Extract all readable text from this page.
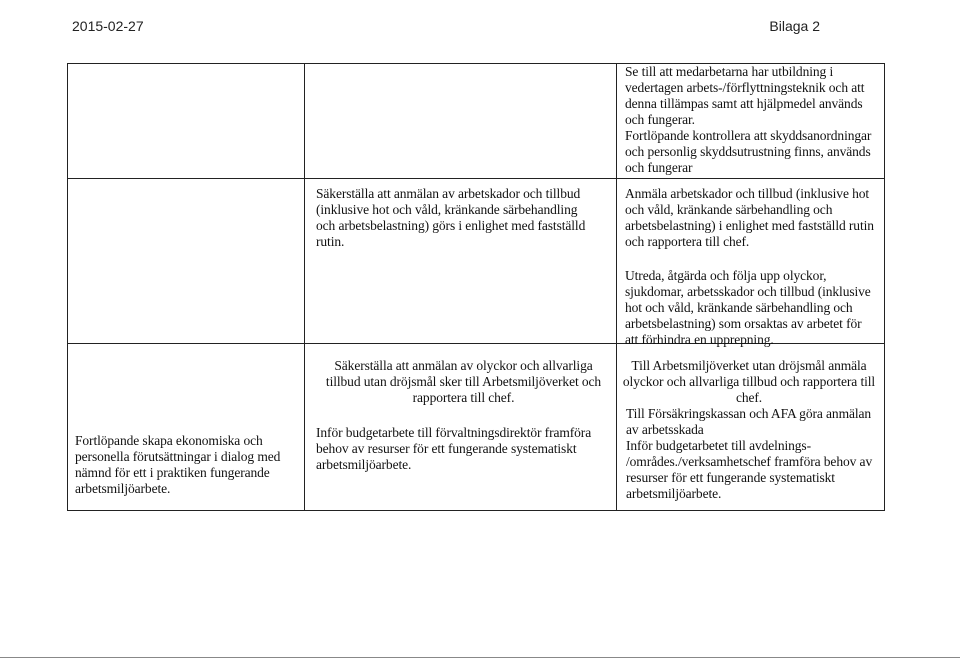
2015-02-27	Bilaga 2

Se till att medarbetarna har utbildning i
vedertagen arbets-/förflyttningsteknik och att
denna tillämpas samt att hjälpmedel används
och fungerar.

Fortlöpande kontrollera att skyddsanordningar
och personlig skyddsutrustning finns, används
och fungerar

Säkerställa att anmälan av arbetskador och tillbud
(inklusive hot och våld, kränkande särbehandling
och arbetsbelastning) görs i enlighet med fastställd
rutin.

Anmäla arbetskador och tillbud (inklusive hot
och våld, kränkande särbehandling och
arbetsbelastning) i enlighet med fastställd rutin
och rapportera till chef.

Utreda, åtgärda och följa upp olyckor,
sjukdomar, arbetsskador och tillbud (inklusive
hot och våld, kränkande särbehandling och
arbetsbelastning) som orsaktas av arbetet för
att förhindra en upprepning.

Fortlöpande skapa ekonomiska och
personella förutsättningar i dialog med
nämnd för ett i praktiken fungerande
arbetsmiljöarbete.

Säkerställa att anmälan av olyckor och allvarliga
tillbud utan dröjsmål sker till Arbetsmiljöverket och
rapportera till chef.

Inför budgetarbete till förvaltningsdirektör framföra
behov av resurser för ett fungerande systematiskt
arbetsmiljöarbete.

Till Arbetsmiljöverket utan dröjsmål anmäla
olyckor och allvarliga tillbud och rapportera till
chef.

Till Försäkringskassan och AFA göra anmälan
av arbetsskada

Inför budgetarbetet till avdelnings-
/områdes./verksamhetschef framföra behov av
resurser för ett fungerande systematiskt
arbetsmiljöarbete.
